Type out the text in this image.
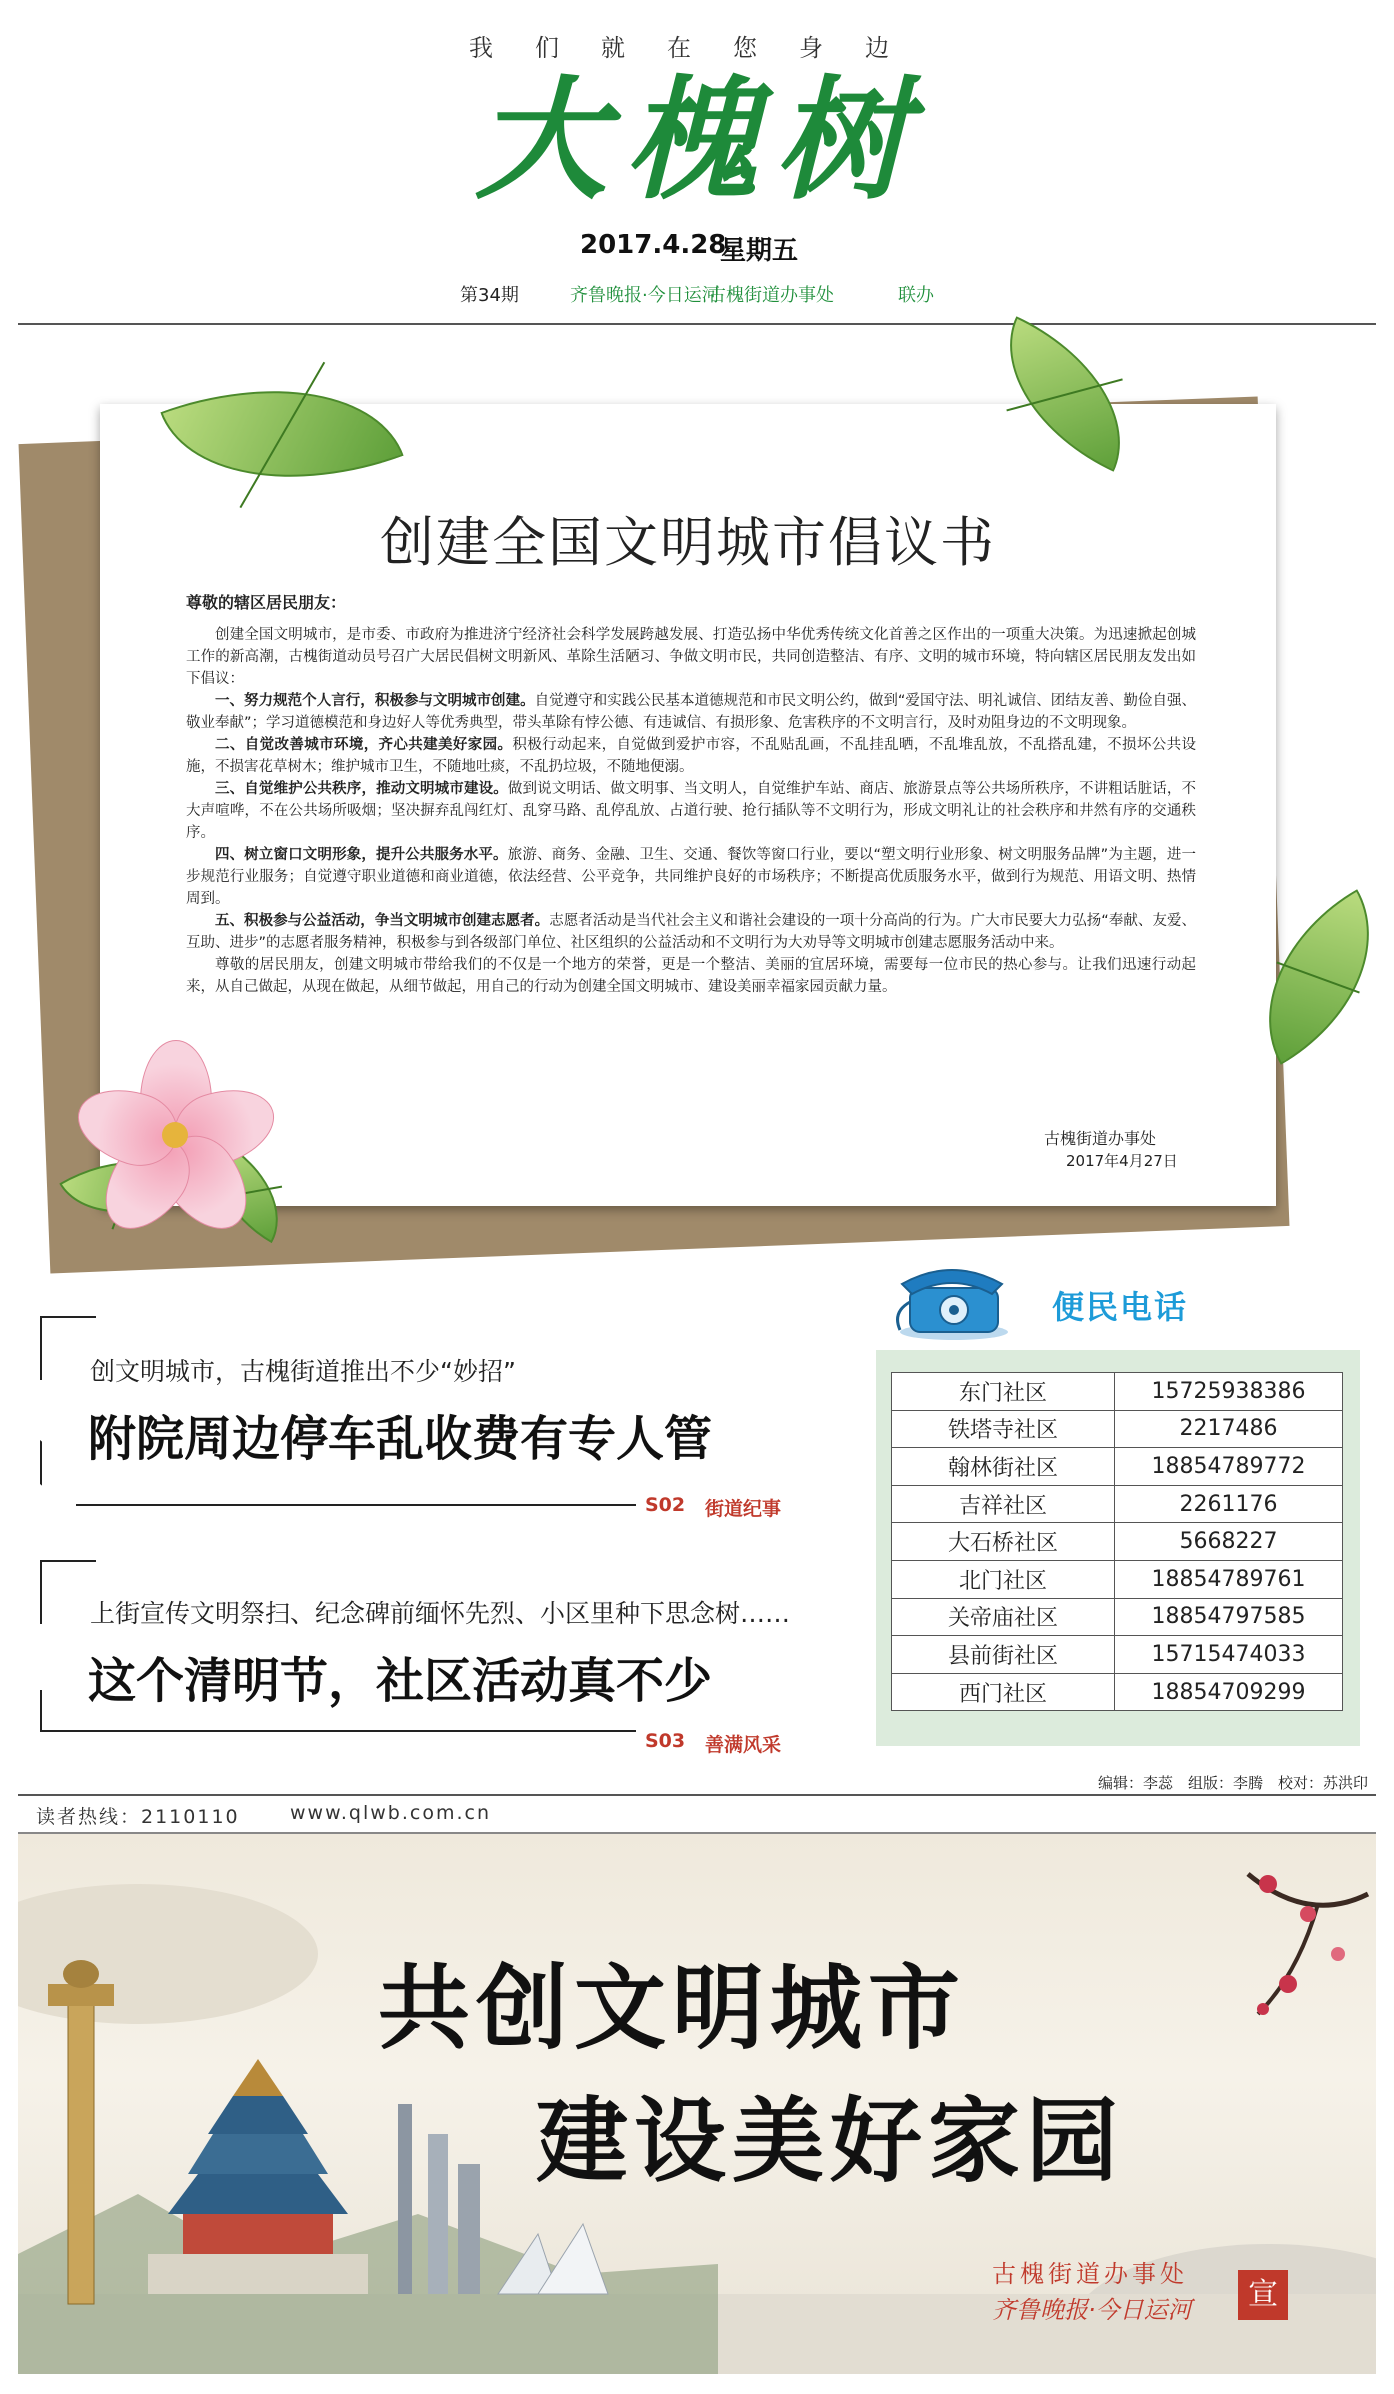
我们就在您身边
大槐树
2017.4.28
星期五
第34期	齐鲁晚报·今日运河
古槐街道办事处	联办
创建全国文明城市倡议书
尊敬的辖区居民朋友：

创建全国文明城市，是市委、市政府为推进济宁经济社会科学发展跨越发展、打造弘扬中华优秀传统文化首善之区作出的一项重大决策。为迅速掀起创城工作的新高潮，古槐街道动员号召广大居民倡树文明新风、革除生活陋习、争做文明市民，共同创造整洁、有序、文明的城市环境，特向辖区居民朋友发出如下倡议：

一、努力规范个人言行，积极参与文明城市创建。自觉遵守和实践公民基本道德规范和市民文明公约，做到“爱国守法、明礼诚信、团结友善、勤俭自强、敬业奉献”；学习道德模范和身边好人等优秀典型，带头革除有悖公德、有违诚信、有损形象、危害秩序的不文明言行，及时劝阻身边的不文明现象。

二、自觉改善城市环境，齐心共建美好家园。积极行动起来，自觉做到爱护市容，不乱贴乱画，不乱挂乱晒，不乱堆乱放，不乱搭乱建，不损坏公共设施，不损害花草树木；维护城市卫生，不随地吐痰，不乱扔垃圾，不随地便溺。

三、自觉维护公共秩序，推动文明城市建设。做到说文明话、做文明事、当文明人，自觉维护车站、商店、旅游景点等公共场所秩序，不讲粗话脏话，不大声喧哗，不在公共场所吸烟；坚决摒弃乱闯红灯、乱穿马路、乱停乱放、占道行驶、抢行插队等不文明行为，形成文明礼让的社会秩序和井然有序的交通秩序。

四、树立窗口文明形象，提升公共服务水平。旅游、商务、金融、卫生、交通、餐饮等窗口行业，要以“塑文明行业形象、树文明服务品牌”为主题，进一步规范行业服务；自觉遵守职业道德和商业道德，依法经营、公平竞争，共同维护良好的市场秩序；不断提高优质服务水平，做到行为规范、用语文明、热情周到。

五、积极参与公益活动，争当文明城市创建志愿者。志愿者活动是当代社会主义和谐社会建设的一项十分高尚的行为。广大市民要大力弘扬“奉献、友爱、互助、进步”的志愿者服务精神，积极参与到各级部门单位、社区组织的公益活动和不文明行为大劝导等文明城市创建志愿服务活动中来。

尊敬的居民朋友，创建文明城市带给我们的不仅是一个地方的荣誉，更是一个整洁、美丽的宜居环境，需要每一位市民的热心参与。让我们迅速行动起来，从自己做起，从现在做起，从细节做起，用自己的行动为创建全国文明城市、建设美丽幸福家园贡献力量。

古槐街道办事处
2017年4月27日
创文明城市，古槐街道推出不少“妙招”
附院周边停车乱收费有专人管
S02 街道纪事
上街宣传文明祭扫、纪念碑前缅怀先烈、小区里种下思念树……
这个清明节，社区活动真不少
S03 善满风采
便民电话
东门社区	15725938386
铁塔寺社区	2217486
翰林街社区	18854789772
吉祥社区	2261176
大石桥社区	5668227
北门社区	18854789761
关帝庙社区	18854797585
县前街社区	15715474033
西门社区	18854709299
编辑：李蕊　组版：李腾　校对：苏洪印
读者热线：2110110	www.qlwb.com.cn
共创文明城市
建设美好家园
古槐街道办事处
齐鲁晚报·今日运河	宣
